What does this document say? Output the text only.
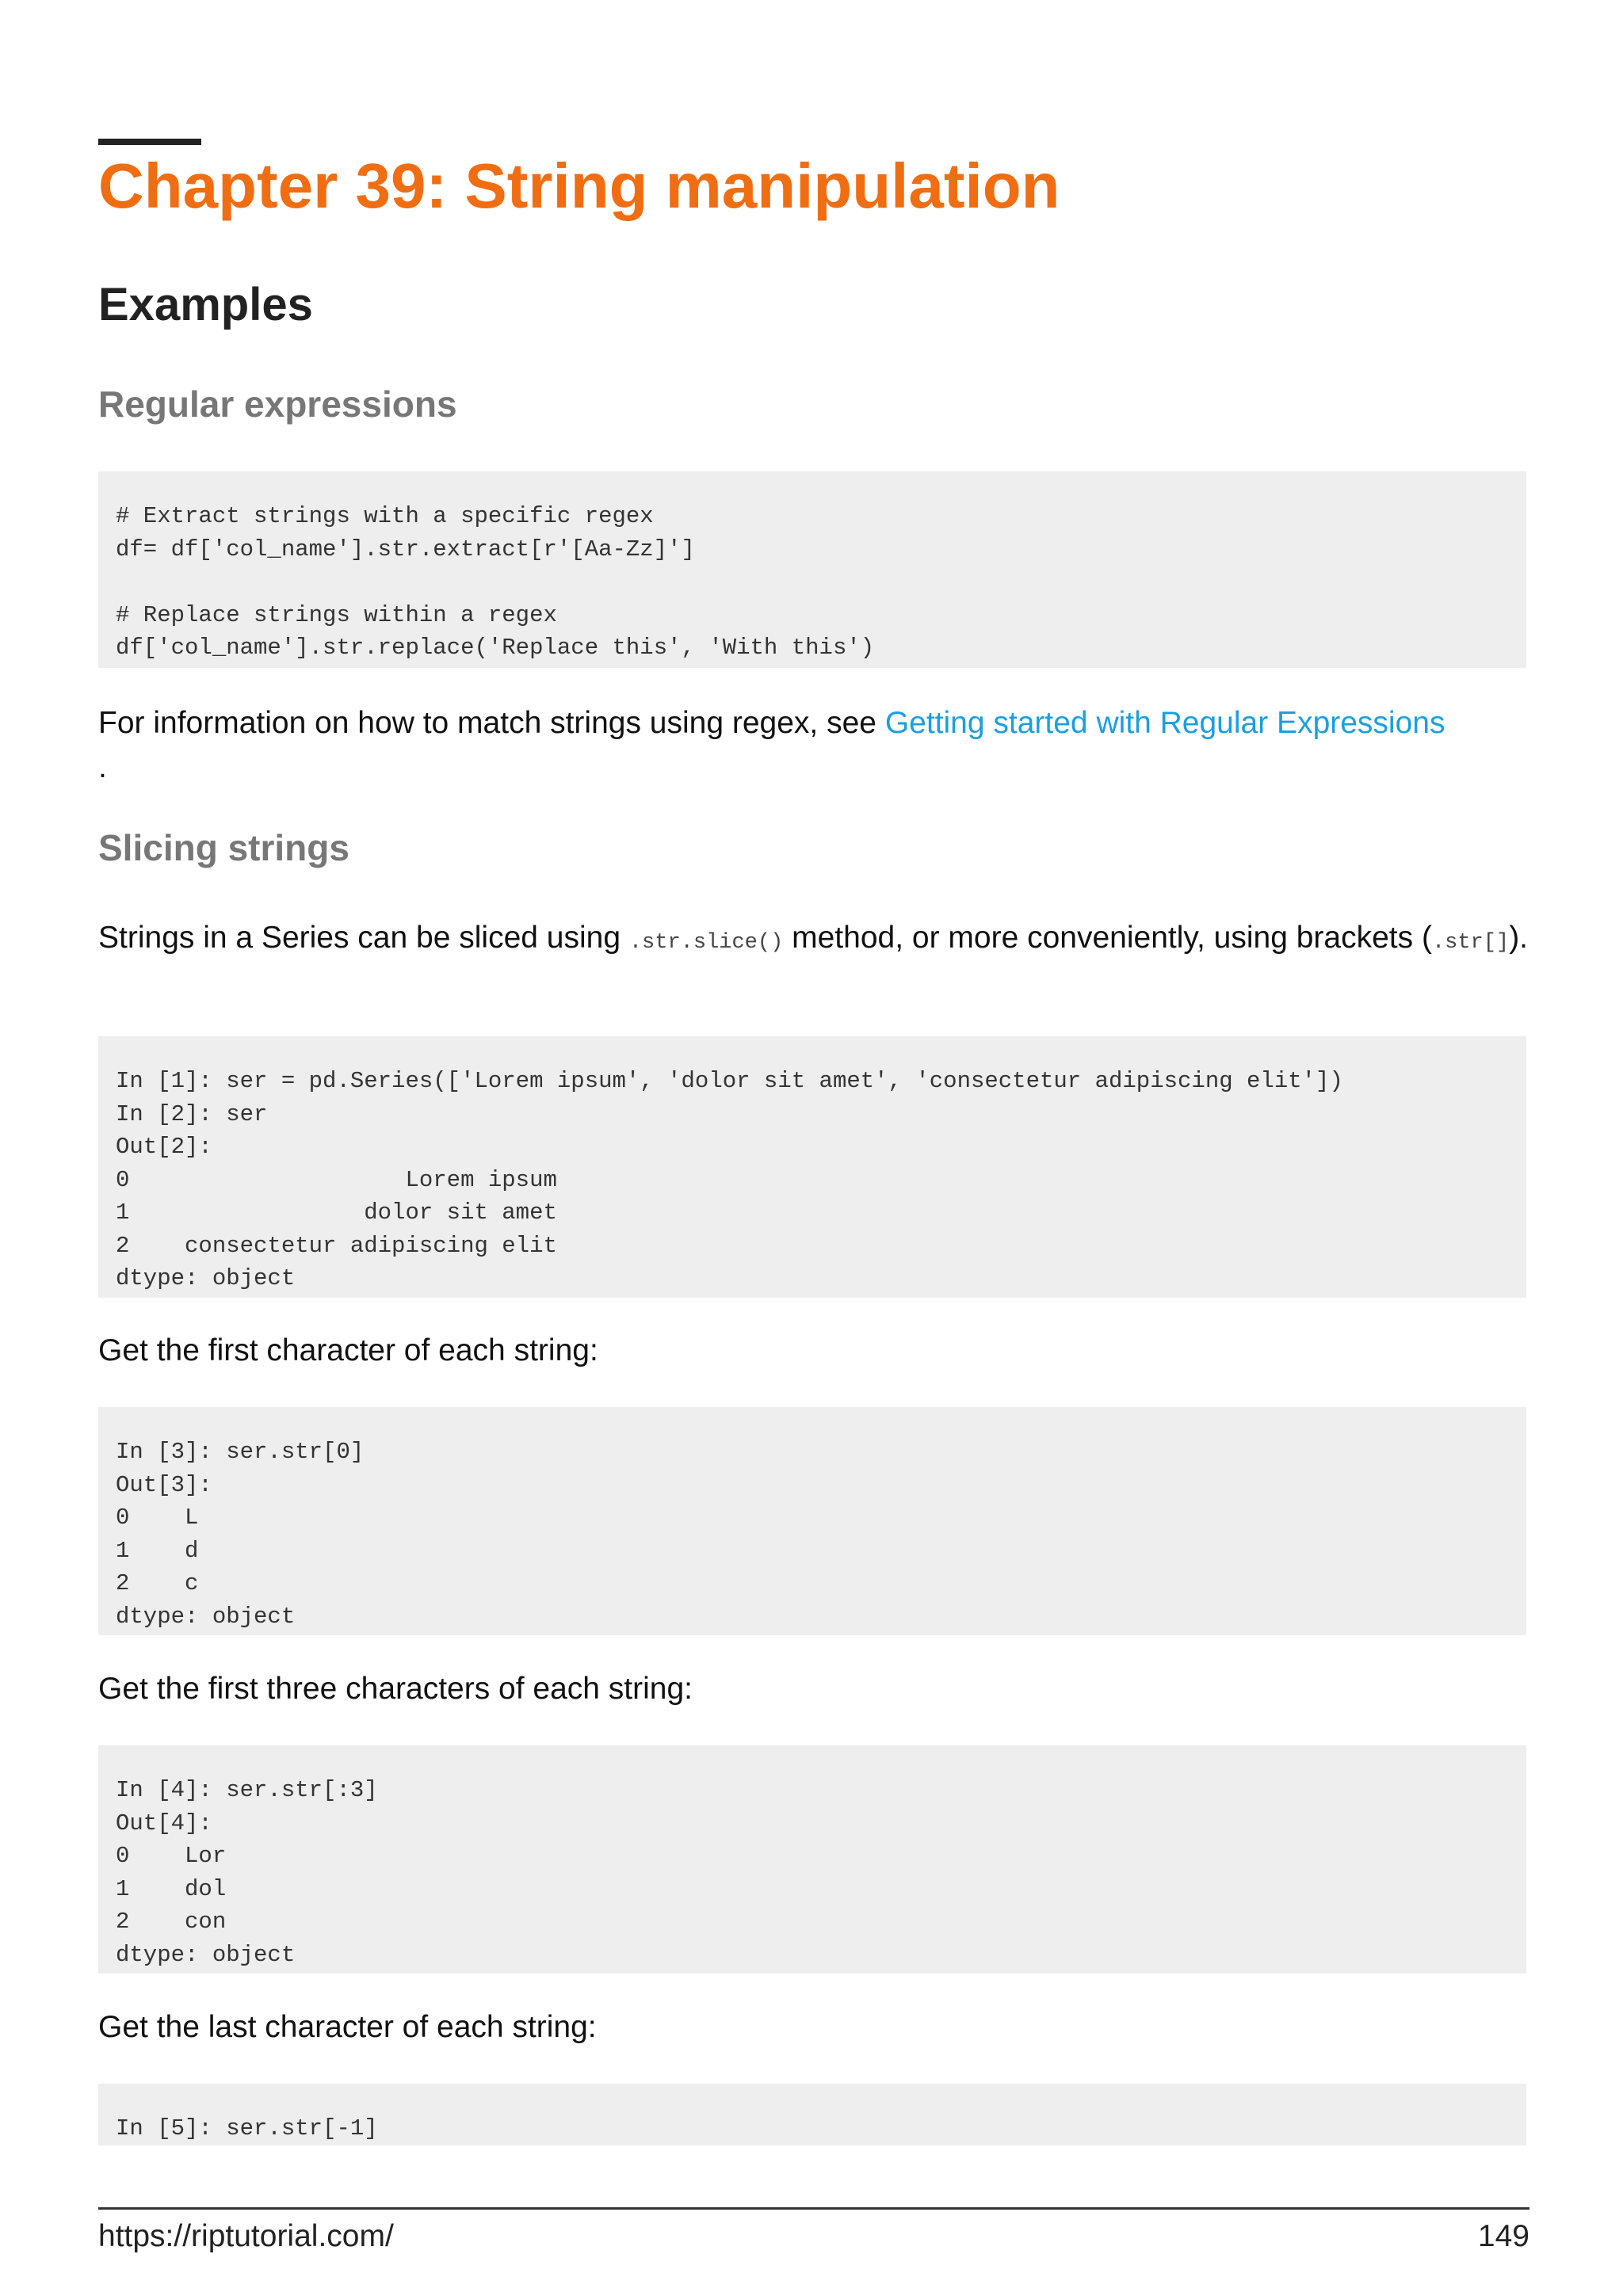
Chapter 39: String manipulation
Examples
Regular expressions
# Extract strings with a specific regex
df= df['col_name'].str.extract[r'[Aa-Zz]']

# Replace strings within a regex
df['col_name'].str.replace('Replace this', 'With this')

For information on how to match strings using regex, see Getting started with Regular Expressions
.

Slicing strings

Strings in a Series can be sliced using .str.slice() method, or more conveniently, using brackets (.str[]).

In [1]: ser = pd.Series(['Lorem ipsum', 'dolor sit amet', 'consectetur adipiscing elit'])
In [2]: ser
Out[2]:
0                    Lorem ipsum
1                 dolor sit amet
2    consectetur adipiscing elit
dtype: object

Get the first character of each string:

In [3]: ser.str[0]
Out[3]:
0    L
1    d
2    c
dtype: object

Get the first three characters of each string:

In [4]: ser.str[:3]
Out[4]:
0    Lor
1    dol
2    con
dtype: object

Get the last character of each string:

In [5]: ser.str[-1]
https://riptutorial.com/	149
